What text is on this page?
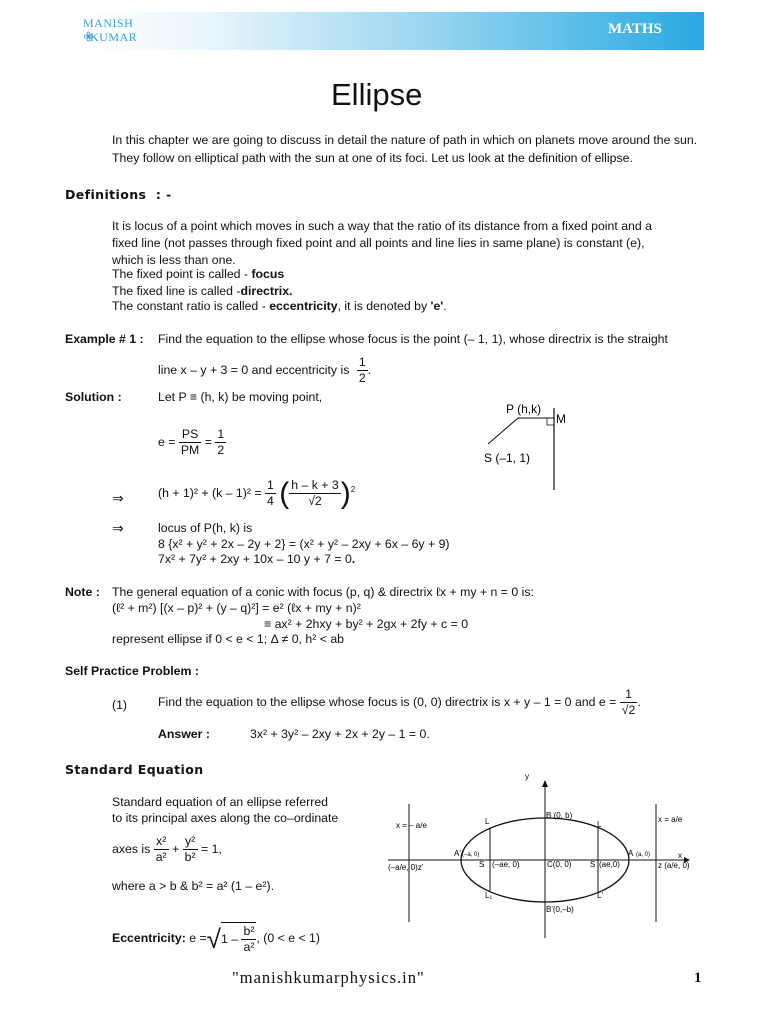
MANISH
KUMAR	MATHS
Ellipse
In this chapter we are going to discuss in detail the nature of path in which on planets move around the sun.
They follow on elliptical path with the sun at one of its foci. Let us look at the definition of ellipse.
Definitions  : -
It is locus of a point which moves in such a way that the ratio of its distance from a fixed point and a
fixed line (not passes through fixed point and all points and line lies in same plane) is constant (e),
which is less than one.
The fixed point is called - focus
The fixed line is called -directrix.
The constant ratio is called - eccentricity, it is denoted by 'e'.
Example # 1 : Find the equation to the ellipse whose focus is the point (– 1, 1), whose directrix is the straight
line x – y + 3 = 0 and eccentricity is $\frac{1}{2}$ .
Solution :	Let P ≡ (h, k) be moving point,
$e = \frac{PS}{PM} = \frac{1}{2}$
⇒	$(h + 1)^2 + (k - 1)^2 = \frac{1}{4}$ ( $\frac{h - k + 3}{√2} )^2$
⇒	locus of P(h, k) is
8 {x² + y² + 2x – 2y + 2} = (x² + y² – 2xy + 6x – 6y + 9)
7x² + 7y² + 2xy + 10x – 10 y + 7 = 0.
P (h,k)
M
S (–1, 1)
Note : The general equation of a conic with focus (p, q) & directrix ℓx + my + n = 0 is:
(ℓ² + m²) [(x – p)² + (y – q)²] = e² (ℓx + my + n)²
≡ ax² + 2hxy + by² + 2gx + 2fy + c = 0
represent ellipse if 0 < e < 1; Δ ≠ 0, h² < ab
Self Practice Problem :
(1)	Find the equation to the ellipse whose focus is (0, 0) directrix is x + y – 1 = 0 and $e = \frac{1}{√2}$ .
Answer :	3x² + 3y² – 2xy + 2x + 2y – 1 = 0.
Standard Equation
Standard equation of an ellipse referred
to its principal axes along the co–ordinate
axes is $\frac{\text{x²}}{\text{a²}} + \frac{\text{y²}}{\text{b²}} = 1$,
where a > b & b² = a² (1 – e²).
Eccentricity: $e =√1 - \frac{\text{b²}}{\text{a²}}$ , (0 < e < 1)
y
x
B (0, b)
B'(0,–b)
C(0, 0)
S (–ae, 0)	S (ae,0)
A (a, 0)
A' (–a, 0)
L	L
L₁	L'
x = – a/e
x = a/e
(–a/e, 0)z'	z (a/e, 0)
"manishkumarphysics.in"	1
